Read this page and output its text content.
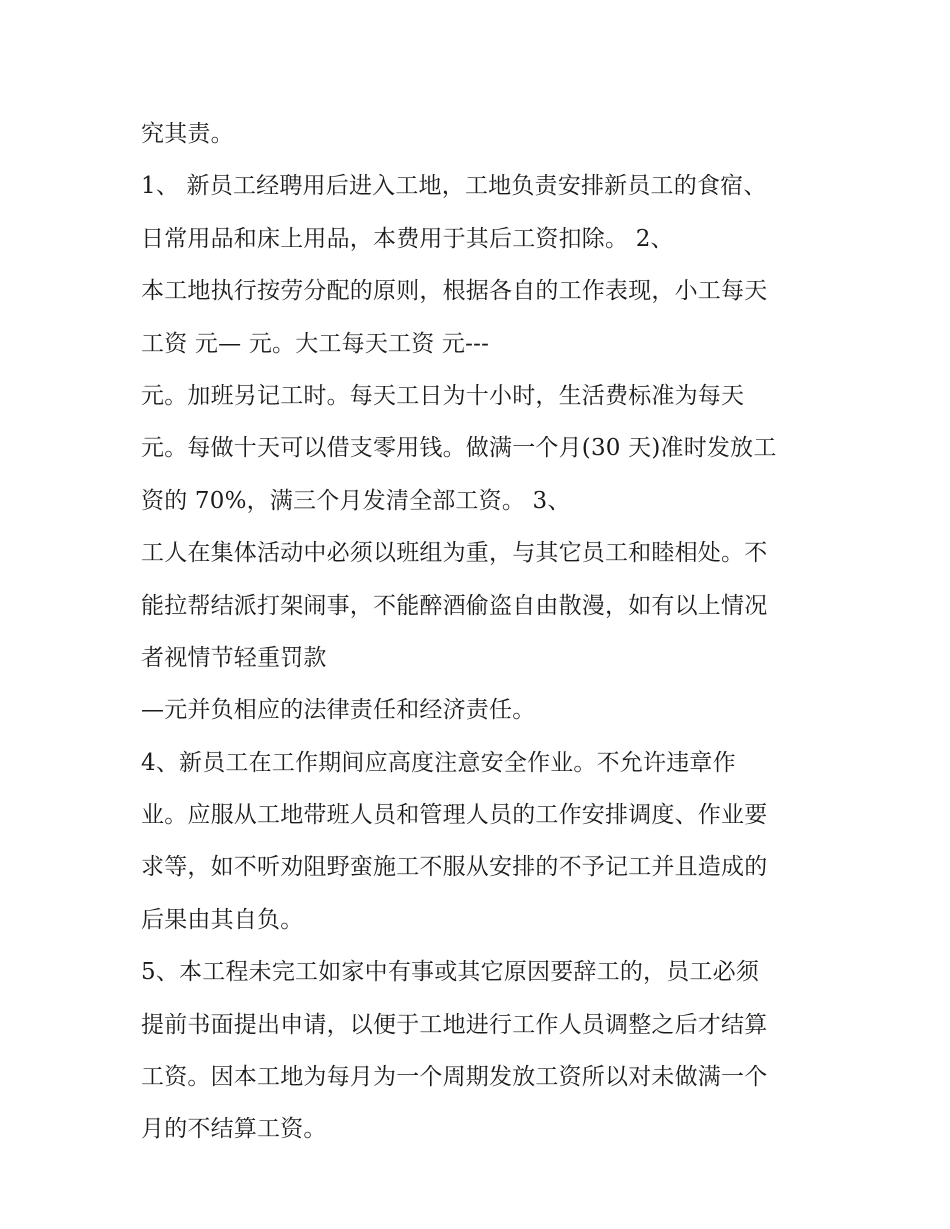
究其责。
1、 新员工经聘用后进入工地，工地负责安排新员工的食宿、
日常用品和床上用品，本费用于其后工资扣除。 2、
本工地执行按劳分配的原则，根据各自的工作表现，小工每天
工资 元— 元。大工每天工资 元---
元。加班另记工时。每天工日为十小时，生活费标准为每天
元。每做十天可以借支零用钱。做满一个月(30 天)准时发放工
资的 70%，满三个月发清全部工资。 3、
工人在集体活动中必须以班组为重，与其它员工和睦相处。不
能拉帮结派打架闹事，不能醉酒偷盗自由散漫，如有以上情况
者视情节轻重罚款
—元并负相应的法律责任和经济责任。
4、新员工在工作期间应高度注意安全作业。不允许违章作
业。应服从工地带班人员和管理人员的工作安排调度、作业要
求等，如不听劝阻野蛮施工不服从安排的不予记工并且造成的
后果由其自负。
5、本工程未完工如家中有事或其它原因要辞工的，员工必须
提前书面提出申请，以便于工地进行工作人员调整之后才结算
工资。因本工地为每月为一个周期发放工资所以对未做满一个
月的不结算工资。
